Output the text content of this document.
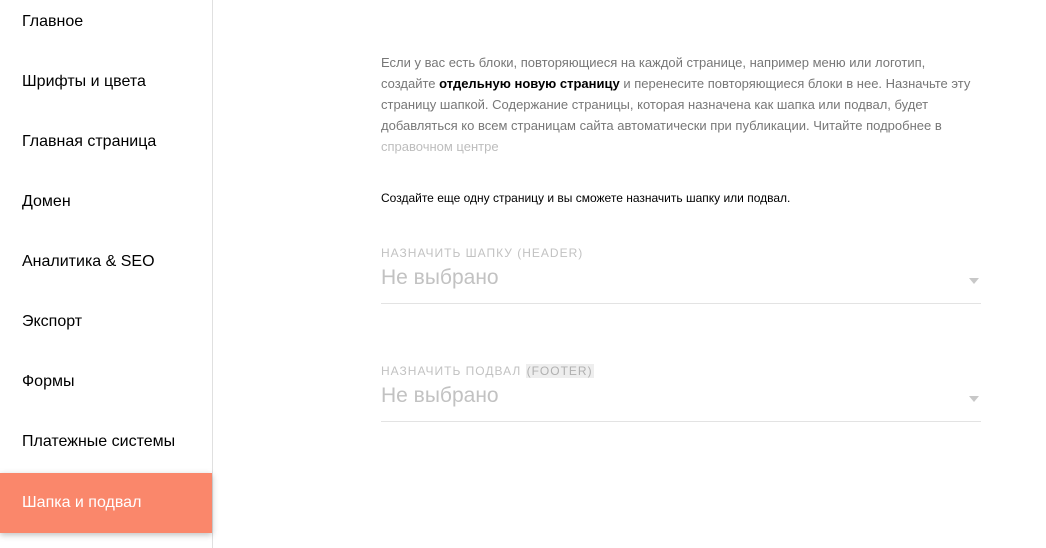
Главное
Шрифты и цвета
Главная страница
Домен
Аналитика & SEO
Экспорт
Формы
Платежные системы
Шапка и подвал

Если у вас есть блоки, повторяющиеся на каждой странице, например меню или логотип, создайте отдельную новую страницу и перенесите повторяющиеся блоки в нее. Назначьте эту страницу шапкой. Содержание страницы, которая назначена как шапка или подвал, будет добавляться ко всем страницам сайта автоматически при публикации. Читайте подробнее в справочном центре

Создайте еще одну страницу и вы сможете назначить шапку или подвал.
НАЗНАЧИТЬ ШАПКУ (HEADER)
Не выбрано
НАЗНАЧИТЬ ПОДВАЛ (FOOTER)
Не выбрано
